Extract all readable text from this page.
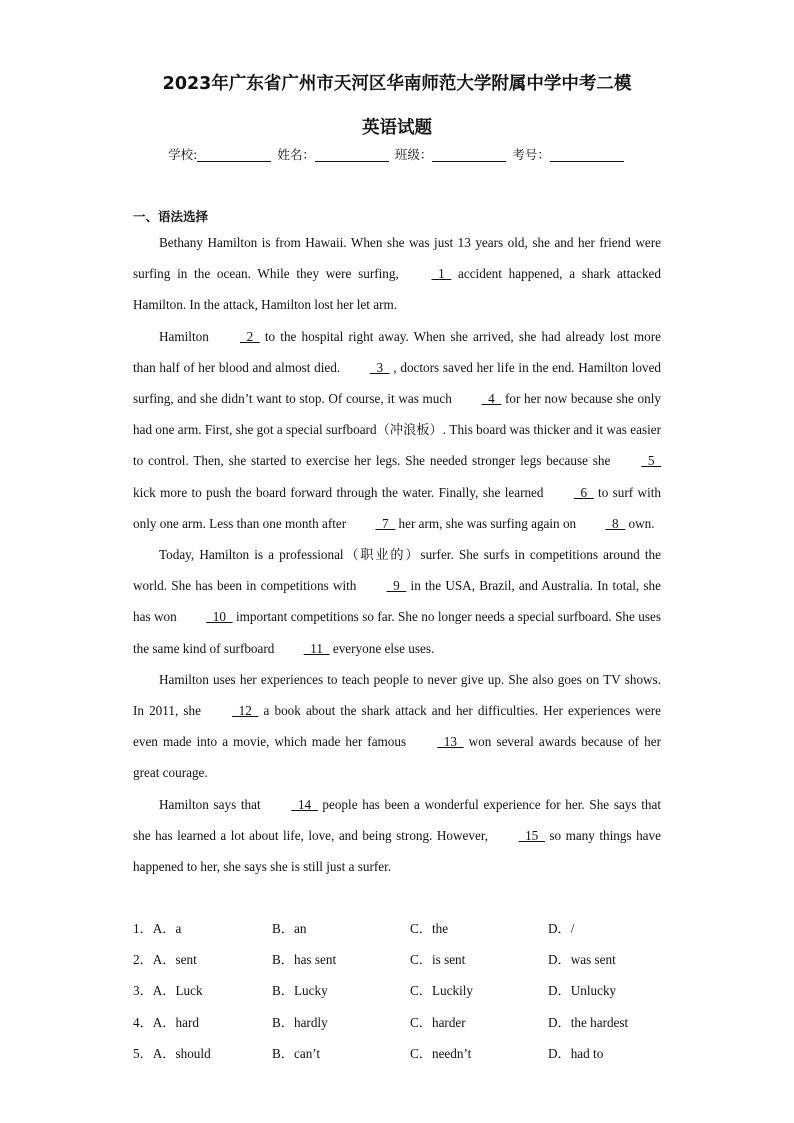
2023年广东省广州市天河区华南师范大学附属中学中考二模
英语试题
学校:	姓名：	班级：	考号：
一、语法选择

Bethany Hamilton is from Hawaii. When she was just 13 years old, she and her friend were surfing in the ocean. While they were surfing,   1   accident happened, a shark attacked Hamilton. In the attack, Hamilton lost her let arm.

Hamilton   2   to the hospital right away. When she arrived, she had already lost more than half of her blood and almost died.   3   , doctors saved her life in the end. Hamilton loved surfing, and she didn’t want to stop. Of course, it was much   4   for her now because she only had one arm. First, she got a special surfboard（冲浪板）. This board was thicker and it was easier to control. Then, she started to exercise her legs. She needed stronger legs because she   5   kick more to push the board forward through the water. Finally, she learned   6   to surf with only one arm. Less than one month after   7   her arm, she was surfing again on   8   own.

Today, Hamilton is a professional（职业的）surfer. She surfs in competitions around the world. She has been in competitions with   9   in the USA, Brazil, and Australia. In total, she has won   10   important competitions so far. She no longer needs a special surfboard. She uses the same kind of surfboard   11   everyone else uses.

Hamilton uses her experiences to teach people to never give up. She also goes on TV shows. In 2011, she   12   a book about the shark attack and her difficulties. Her experiences were even made into a movie, which made her famous   13   won several awards because of her great courage.

Hamilton says that   14   people has been a wonderful experience for her. She says that she has learned a lot about life, love, and being strong. However,   15   so many things have happened to her, she says she is still just a surfer.

1．A．a	B．an	C．the	D．/
2．A．sent	B．has sent	C．is sent	D．was sent
3．A．Luck	B．Lucky	C．Luckily	D．Unlucky
4．A．hard	B．hardly	C．harder	D．the hardest
5．A．should	B．can’t	C．needn’t	D．had to
